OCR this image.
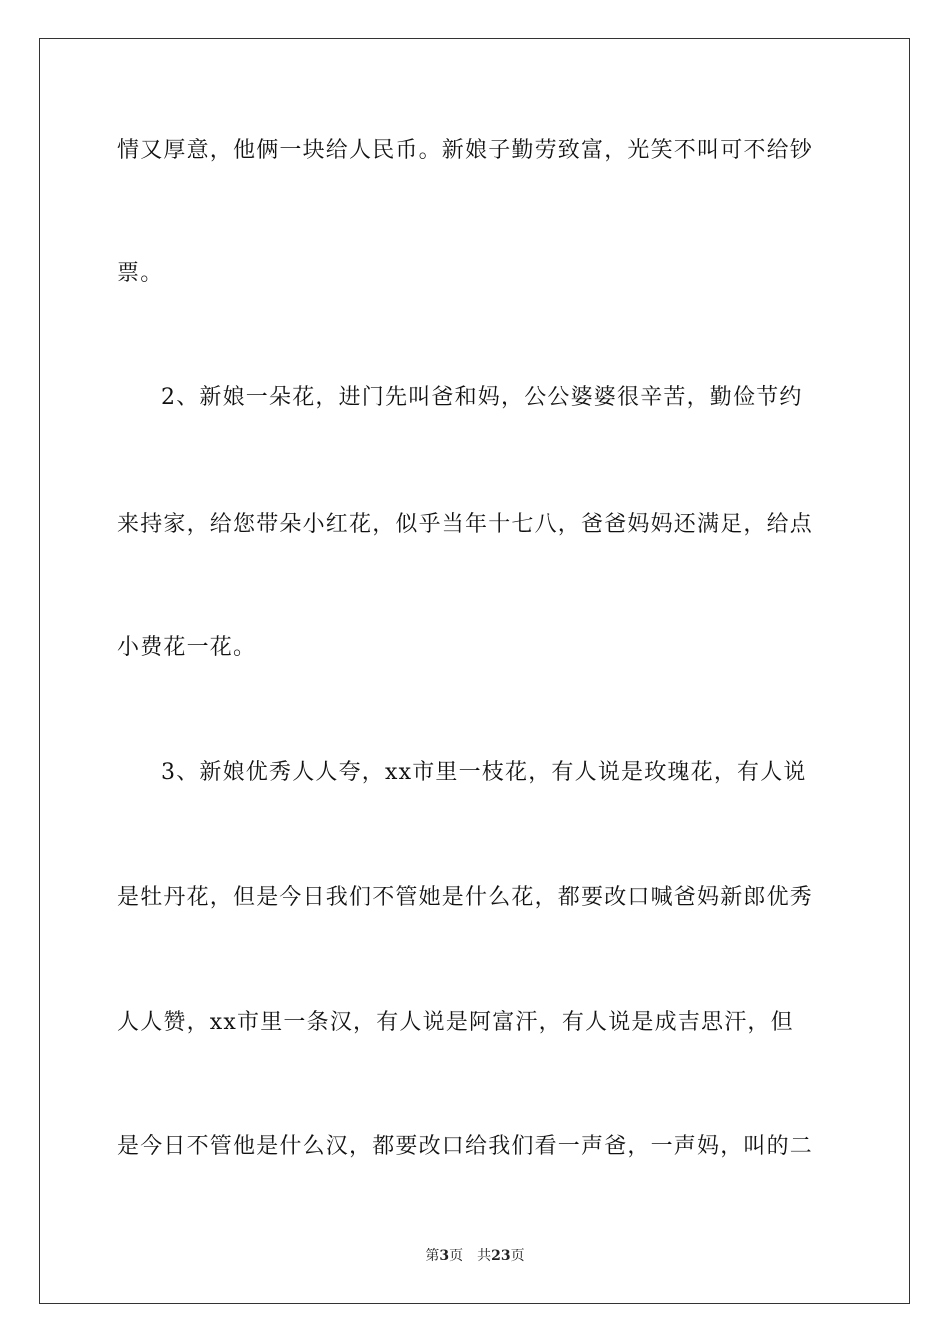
情又厚意，他俩一块给人民币。新娘子勤劳致富，光笑不叫可不给钞
票。
2、新娘一朵花，进门先叫爸和妈，公公婆婆很辛苦，勤俭节约
来持家，给您带朵小红花，似乎当年十七八，爸爸妈妈还满足，给点
小费花一花。
3、新娘优秀人人夸，xx市里一枝花，有人说是玫瑰花，有人说
是牡丹花，但是今日我们不管她是什么花，都要改口喊爸妈新郎优秀
人人赞，xx市里一条汉，有人说是阿富汗，有人说是成吉思汗，但
是今日不管他是什么汉，都要改口给我们看一声爸，一声妈，叫的二
第3页 共23页
